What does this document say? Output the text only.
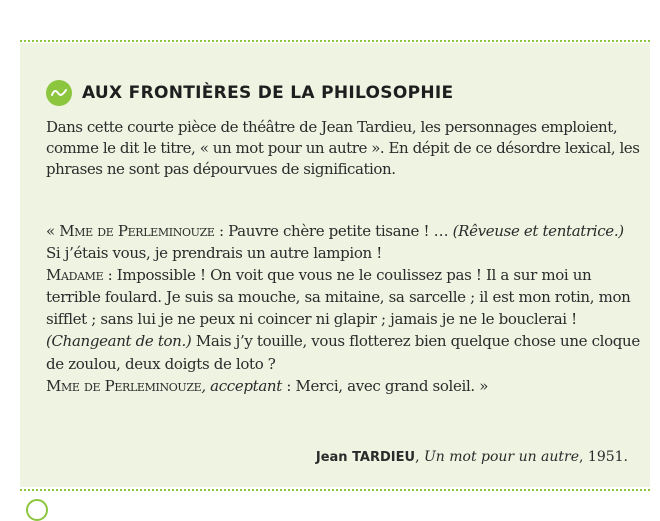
AUX FRONTIÈRES DE LA PHILOSOPHIE

Dans cette courte pièce de théâtre de Jean Tardieu, les personnages emploient, comme le dit le titre, « un mot pour un autre ». En dépit de ce désordre lexical, les phrases ne sont pas dépourvues de signification.

« Mme de Perleminouze : Pauvre chère petite tisane ! … (Rêveuse et tentatrice.) Si j’étais vous, je prendrais un autre lampion !
Madame : Impossible ! On voit que vous ne le coulissez pas ! Il a sur moi un terrible foulard. Je suis sa mouche, sa mitaine, sa sarcelle ; il est mon rotin, mon sifflet ; sans lui je ne peux ni coincer ni glapir ; jamais je ne le bouclerai ! (Changeant de ton.) Mais j’y touille, vous flotterez bien quelque chose une cloque de zoulou, deux doigts de loto ?
Mme de Perleminouze, acceptant : Merci, avec grand soleil. »

Jean TARDIEU, Un mot pour un autre, 1951.
